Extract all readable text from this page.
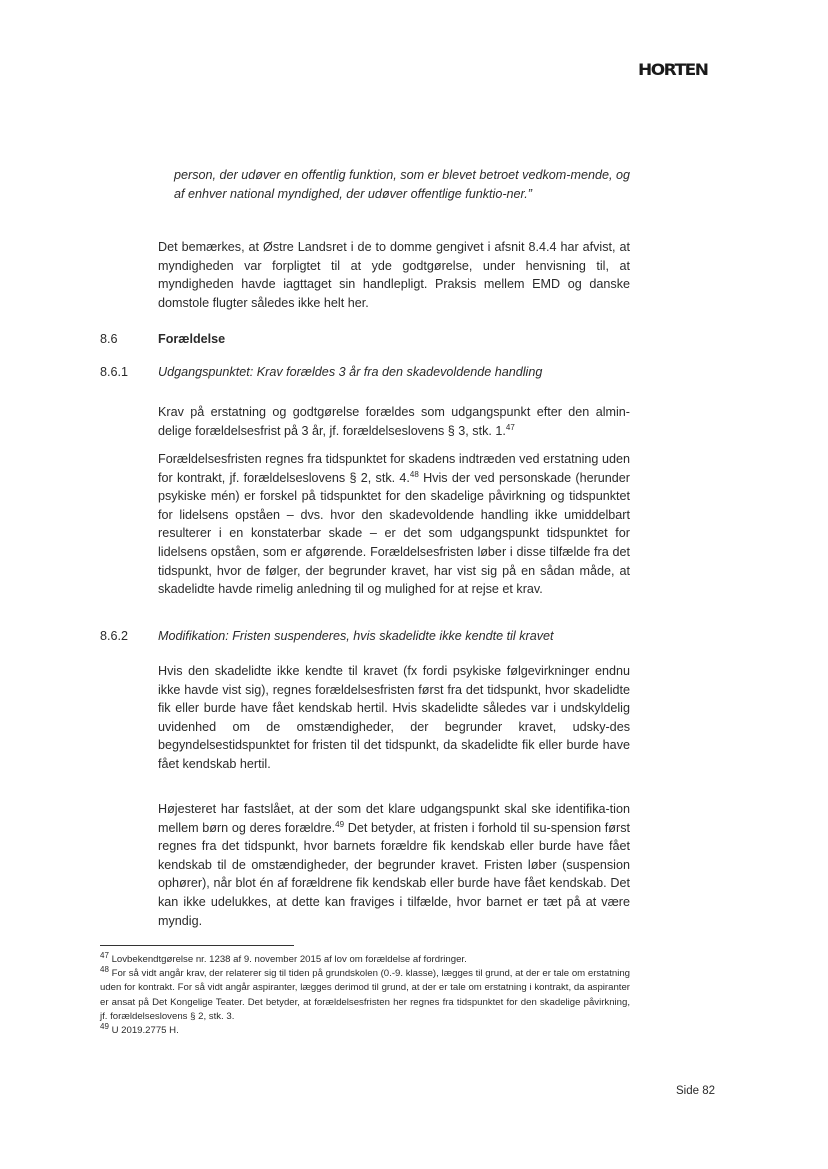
HORTEN
person, der udøver en offentlig funktion, som er blevet betroet vedkom-mende, og af enhver national myndighed, der udøver offentlige funktio-ner.”
Det bemærkes, at Østre Landsret i de to domme gengivet i afsnit 8.4.4 har afvist, at myndigheden var forpligtet til at yde godtgørelse, under henvisning til, at myndigheden havde iagttaget sin handlepligt. Praksis mellem EMD og danske domstole flugter således ikke helt her.
8.6	Forældelse
8.6.1 Udgangspunktet: Krav forældes 3 år fra den skadevoldende handling
Krav på erstatning og godtgørelse forældes som udgangspunkt efter den almin-delige forældelsesfrist på 3 år, jf. forældelseslovens § 3, stk. 1.47
Forældelsesfristen regnes fra tidspunktet for skadens indtræden ved erstatning uden for kontrakt, jf. forældelseslovens § 2, stk. 4.48 Hvis der ved personskade (herunder psykiske mén) er forskel på tidspunktet for den skadelige påvirkning og tidspunktet for lidelsens opståen – dvs. hvor den skadevoldende handling ikke umiddelbart resulterer i en konstaterbar skade – er det som udgangspunkt tidspunktet for lidelsens opståen, som er afgørende. Forældelsesfristen løber i disse tilfælde fra det tidspunkt, hvor de følger, der begrunder kravet, har vist sig på en sådan måde, at skadelidte havde rimelig anledning til og mulighed for at rejse et krav.
8.6.2 Modifikation: Fristen suspenderes, hvis skadelidte ikke kendte til kravet
Hvis den skadelidte ikke kendte til kravet (fx fordi psykiske følgevirkninger endnu ikke havde vist sig), regnes forældelsesfristen først fra det tidspunkt, hvor skadelidte fik eller burde have fået kendskab hertil. Hvis skadelidte således var i undskyldelig uvidenhed om de omstændigheder, der begrunder kravet, udsky-des begyndelsestidspunktet for fristen til det tidspunkt, da skadelidte fik eller burde have fået kendskab hertil.
Højesteret har fastslået, at der som det klare udgangspunkt skal ske identifika-tion mellem børn og deres forældre.$^{49}$ Det betyder, at fristen i forhold til su-spension først regnes fra det tidspunkt, hvor barnets forældre fik kendskab eller burde have fået kendskab til de omstændigheder, der begrunder kravet. Fristen løber (suspension ophører), når blot én af forældrene fik kendskab eller burde have fået kendskab. Det kan ikke udelukkes, at dette kan fraviges i tilfælde, hvor barnet er tæt på at være myndig.

$^{47}$ Lovbekendtgørelse nr. 1238 af 9. november 2015 af lov om forældelse af fordringer.

$^{48}$ For så vidt angår krav, der relaterer sig til tiden på grundskolen (0.-9. klasse), lægges til grund, at der er tale om erstatning uden for kontrakt. For så vidt angår aspiranter, lægges derimod til grund, at der er tale om erstatning i kontrakt, da aspiranter er ansat på Det Kongelige Teater. Det betyder, at forældelsesfristen her regnes fra tidspunktet for den skadelige påvirkning, jf. forældelseslovens § 2, stk. 3.

$^{49}$ U 2019.2775 H.

Side 82
